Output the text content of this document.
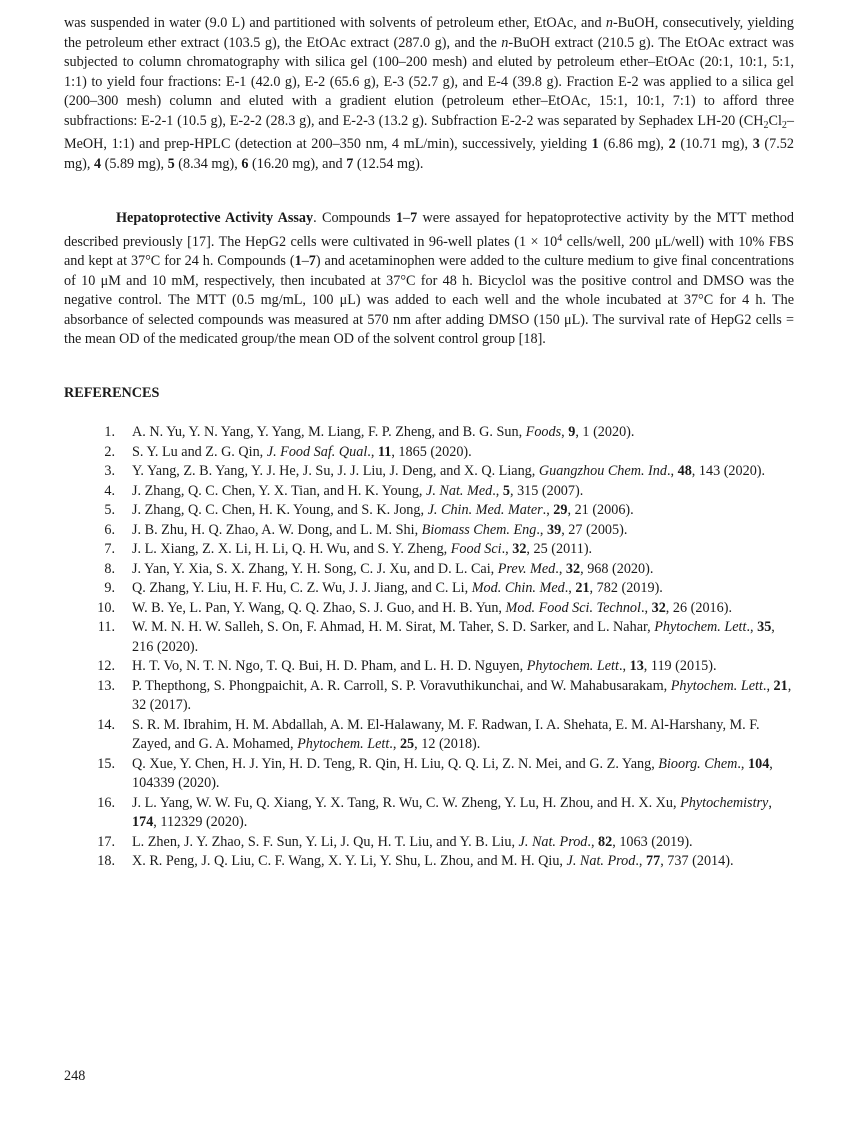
was suspended in water (9.0 L) and partitioned with solvents of petroleum ether, EtOAc, and n-BuOH, consecutively, yielding the petroleum ether extract (103.5 g), the EtOAc extract (287.0 g), and the n-BuOH extract (210.5 g). The EtOAc extract was subjected to column chromatography with silica gel (100–200 mesh) and eluted by petroleum ether–EtOAc (20:1, 10:1, 5:1, 1:1) to yield four fractions: E-1 (42.0 g), E-2 (65.6 g), E-3 (52.7 g), and E-4 (39.8 g). Fraction E-2 was applied to a silica gel (200–300 mesh) column and eluted with a gradient elution (petroleum ether–EtOAc, 15:1, 10:1, 7:1) to afford three subfractions: E-2-1 (10.5 g), E-2-2 (28.3 g), and E-2-3 (13.2 g). Subfraction E-2-2 was separated by Sephadex LH-20 ($CH_2Cl_2$–MeOH, 1:1) and prep-HPLC (detection at 200–350 nm, 4 mL/min), successively, yielding 1 (6.86 mg), 2 (10.71 mg), 3 (7.52 mg), 4 (5.89 mg), 5 (8.34 mg), 6 (16.20 mg), and 7 (12.54 mg).

Hepatoprotective Activity Assay. Compounds 1–7 were assayed for hepatoprotective activity by the MTT method described previously [17]. The HepG2 cells were cultivated in 96-well plates ($1 \times 10^4$ cells/well, 200 μL/well) with 10% FBS and kept at 37°C for 24 h. Compounds (1–7) and acetaminophen were added to the culture medium to give final concentrations of 10 μM and 10 mM, respectively, then incubated at 37°C for 48 h. Bicyclol was the positive control and DMSO was the negative control. The MTT (0.5 mg/mL, 100 μL) was added to each well and the whole incubated at 37°C for 4 h. The absorbance of selected compounds was measured at 570 nm after adding DMSO (150 μL). The survival rate of HepG2 cells = the mean OD of the medicated group/the mean OD of the solvent control group [18].

REFERENCES
1.	A. N. Yu, Y. N. Yang, Y. Yang, M. Liang, F. P. Zheng, and B. G. Sun, Foods, 9, 1 (2020).
2.	S. Y. Lu and Z. G. Qin, J. Food Saf. Qual., 11, 1865 (2020).
3.	Y. Yang, Z. B. Yang, Y. J. He, J. Su, J. J. Liu, J. Deng, and X. Q. Liang, Guangzhou Chem. Ind., 48, 143 (2020).
4.	J. Zhang, Q. C. Chen, Y. X. Tian, and H. K. Young, J. Nat. Med., 5, 315 (2007).
5.	J. Zhang, Q. C. Chen, H. K. Young, and S. K. Jong, J. Chin. Med. Mater., 29, 21 (2006).
6.	J. B. Zhu, H. Q. Zhao, A. W. Dong, and L. M. Shi, Biomass Chem. Eng., 39, 27 (2005).
7.	J. L. Xiang, Z. X. Li, H. Li, Q. H. Wu, and S. Y. Zheng, Food Sci., 32, 25 (2011).
8.	J. Yan, Y. Xia, S. X. Zhang, Y. H. Song, C. J. Xu, and D. L. Cai, Prev. Med., 32, 968 (2020).
9.	Q. Zhang, Y. Liu, H. F. Hu, C. Z. Wu, J. J. Jiang, and C. Li, Mod. Chin. Med., 21, 782 (2019).
10.	W. B. Ye, L. Pan, Y. Wang, Q. Q. Zhao, S. J. Guo, and H. B. Yun, Mod. Food Sci. Technol., 32, 26 (2016).
11.	W. M. N. H. W. Salleh, S. On, F. Ahmad, H. M. Sirat, M. Taher, S. D. Sarker, and L. Nahar, Phytochem. Lett., 35, 216 (2020).
12.	H. T. Vo, N. T. N. Ngo, T. Q. Bui, H. D. Pham, and L. H. D. Nguyen, Phytochem. Lett., 13, 119 (2015).
13.	P. Thepthong, S. Phongpaichit, A. R. Carroll, S. P. Voravuthikunchai, and W. Mahabusarakam, Phytochem. Lett., 21, 32 (2017).
14.	S. R. M. Ibrahim, H. M. Abdallah, A. M. El-Halawany, M. F. Radwan, I. A. Shehata, E. M. Al-Harshany, M. F. Zayed, and G. A. Mohamed, Phytochem. Lett., 25, 12 (2018).
15.	Q. Xue, Y. Chen, H. J. Yin, H. D. Teng, R. Qin, H. Liu, Q. Q. Li, Z. N. Mei, and G. Z. Yang, Bioorg. Chem., 104, 104339 (2020).
16.	J. L. Yang, W. W. Fu, Q. Xiang, Y. X. Tang, R. Wu, C. W. Zheng, Y. Lu, H. Zhou, and H. X. Xu, Phytochemistry, 174, 112329 (2020).
17.	L. Zhen, J. Y. Zhao, S. F. Sun, Y. Li, J. Qu, H. T. Liu, and Y. B. Liu, J. Nat. Prod., 82, 1063 (2019).
18.	X. R. Peng, J. Q. Liu, C. F. Wang, X. Y. Li, Y. Shu, L. Zhou, and M. H. Qiu, J. Nat. Prod., 77, 737 (2014).
248
